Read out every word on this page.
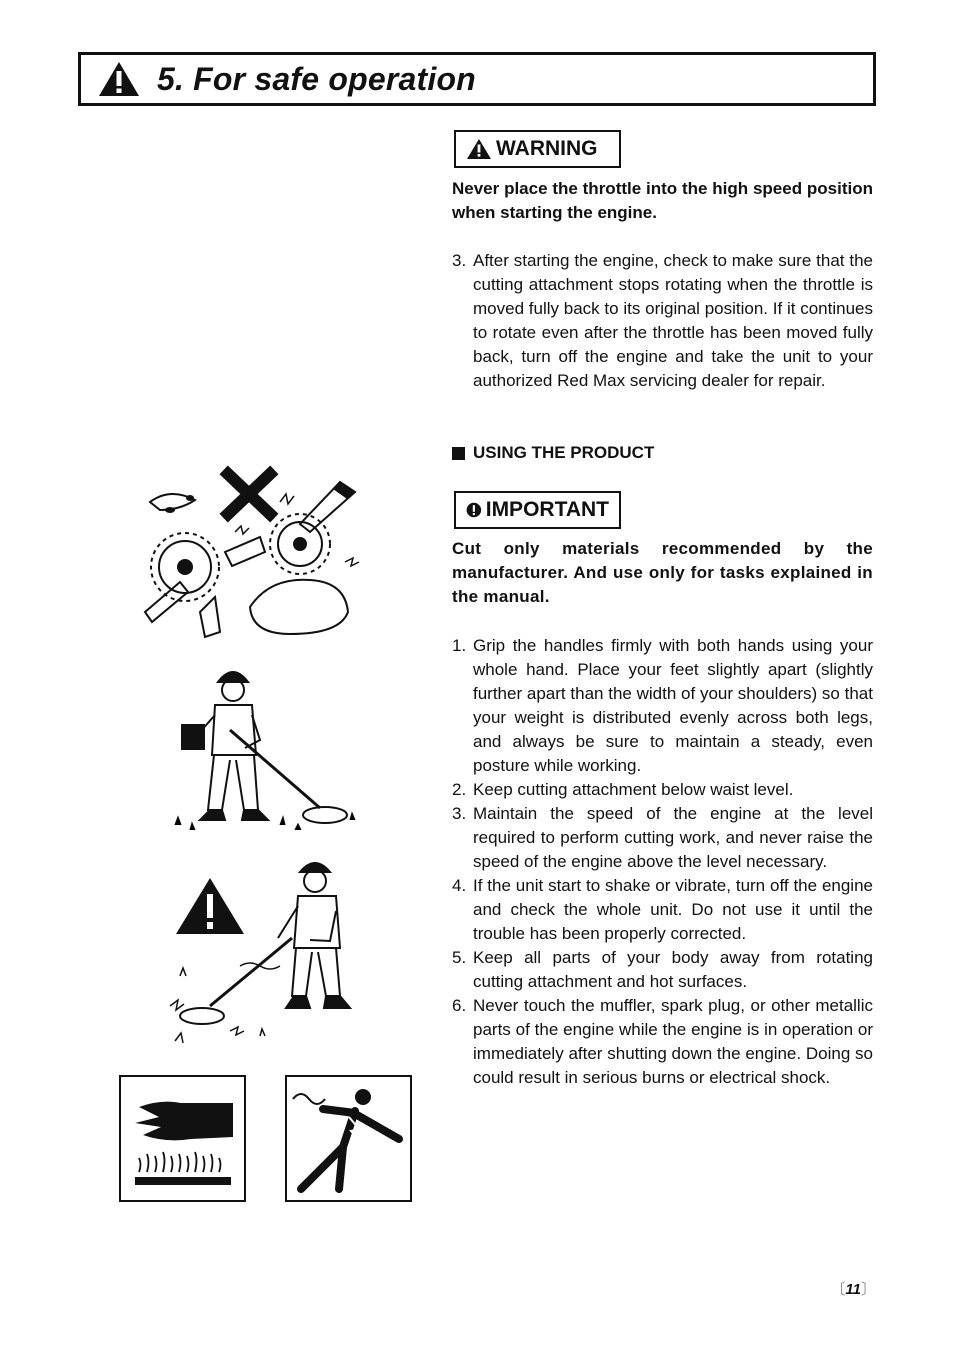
5. For safe operation
WARNING

Never place the throttle into the high speed position when starting the engine.

3. After starting the engine, check to make sure that the cutting attachment stops rotating when the throttle is moved fully back to its original position. If it continues to rotate even after the throttle has been moved fully back, turn off the engine and take the unit to your authorized Red Max servicing dealer for repair.
USING THE PRODUCT
IMPORTANT

Cut only materials recommended by the manufacturer. And use only for tasks explained in the manual.

1. Grip the handles firmly with both hands using your whole hand. Place your feet slightly apart (slightly further apart than the width of your shoulders) so that your weight is distributed evenly across both legs, and always be sure to maintain a steady, even posture while working.
2. Keep cutting attachment below waist level.
3. Maintain the speed of the engine at the level required to perform cutting work, and never raise the speed of the engine above the level necessary.
4. If the unit start to shake or vibrate, turn off the engine and check the whole unit. Do not use it until the trouble has been properly corrected.
5. Keep all parts of your body away from rotating cutting attachment and hot surfaces.
6. Never touch the muffler, spark plug, or other metallic parts of the engine while the engine is in operation or immediately after shutting down the engine. Doing so could result in serious burns or electrical shock.
〔11〕
